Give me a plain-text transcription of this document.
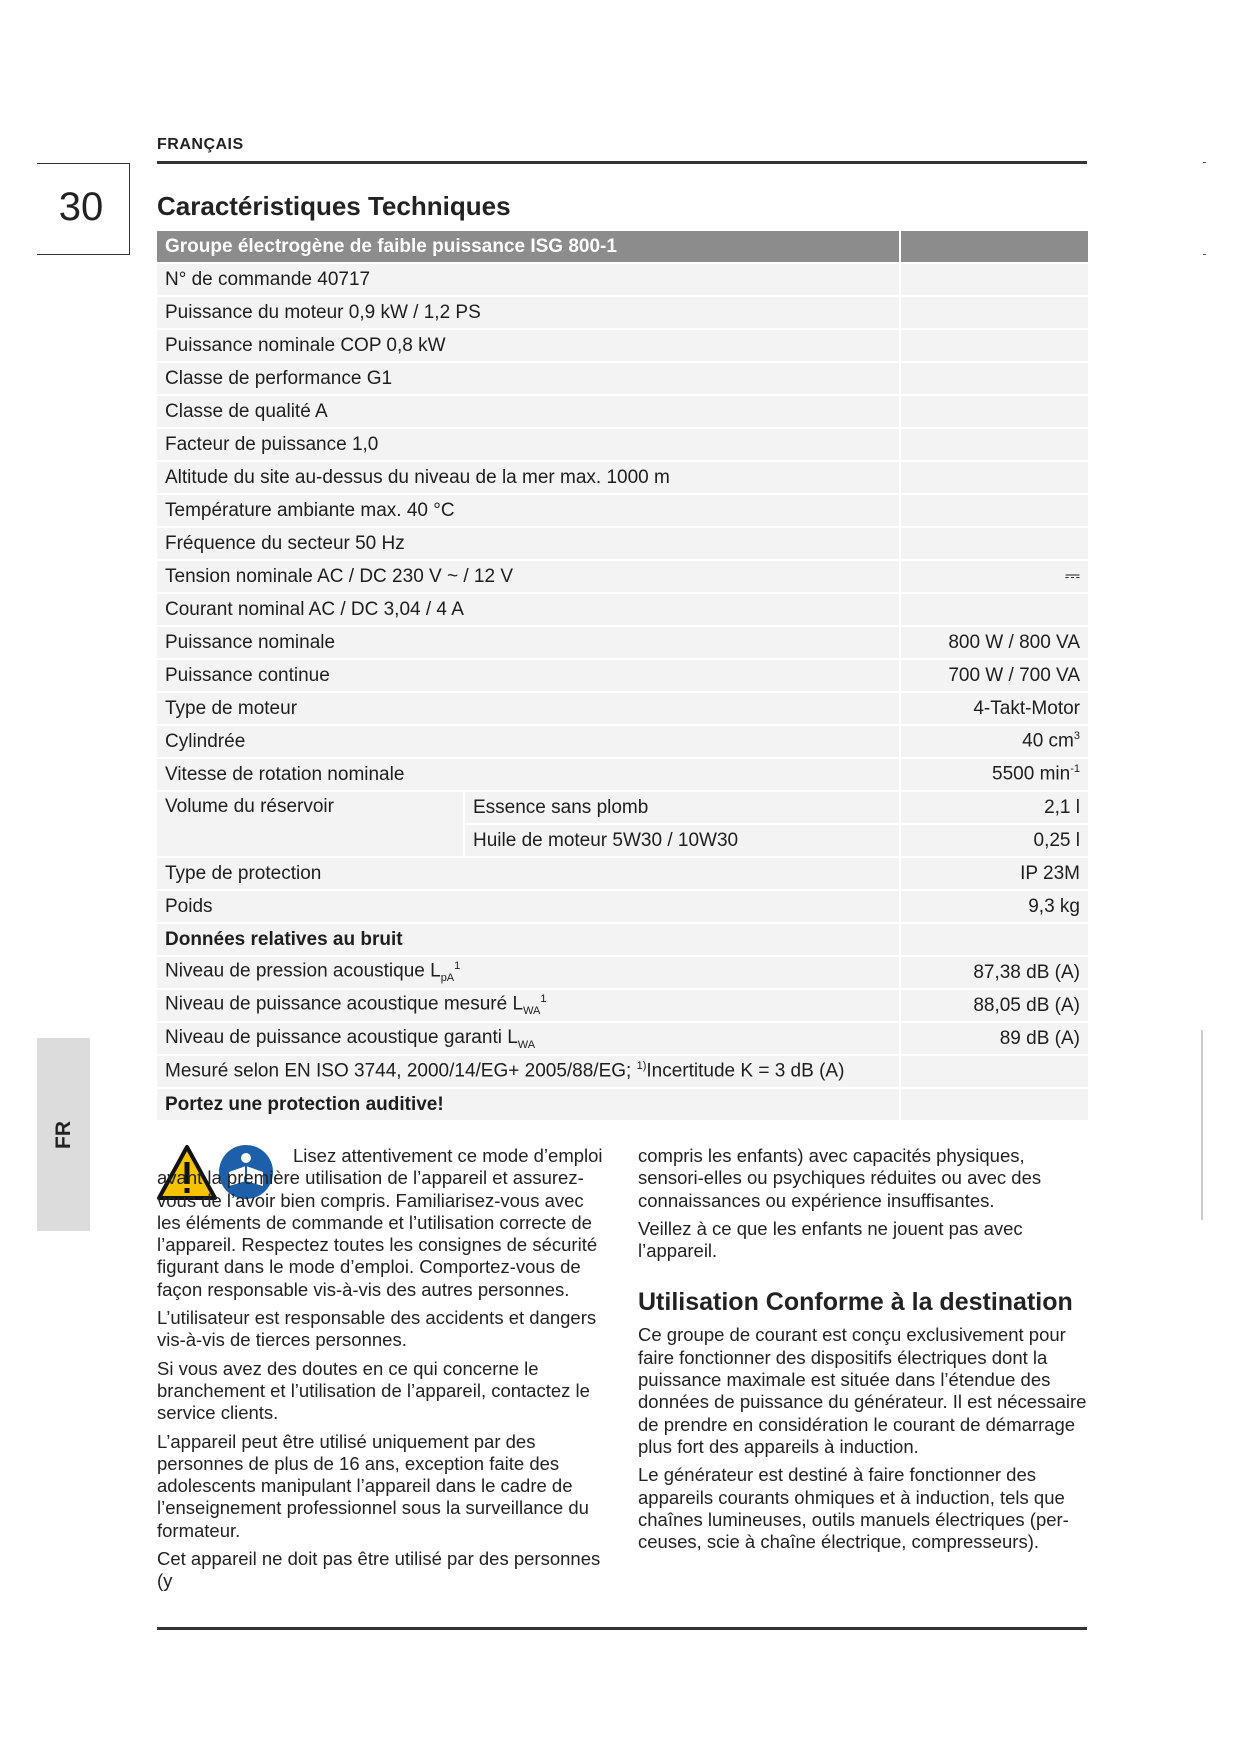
FRANÇAIS
30	Caractéristiques Techniques
FR
Groupe électrogène de faible puissance ISG 800-1		
N° de commande 40717		
Puissance du moteur 0,9 kW / 1,2 PS		
Puissance nominale COP 0,8 kW		
Classe de performance G1		
Classe de qualité A		
Facteur de puissance 1,0		
Altitude du site au-dessus du niveau de la mer max. 1000 m		
Température ambiante max. 40 °C		
Fréquence du secteur 50 Hz		
Tension nominale AC / DC 230 V ~ / 12 V		⎓
Courant nominal AC / DC 3,04 / 4 A		
Puissance nominale		800 W / 800 VA
Puissance continue		700 W / 700 VA
Type de moteur		4-Takt-Motor
Cylindrée		40 $cm^3$
Vitesse de rotation nominale		5500 $\min^{-1}$
Volume du réservoir	Essence sans plomb	2,1 l
	Huile de moteur 5W30 / 10W30	0,25 l
Type de protection		IP 23M
Poids		9,3 kg
Données relatives au bruit		
Niveau de pression acoustique $L_{pA}^1$		87,38 dB (A)
Niveau de puissance acoustique mesuré $L_{WA}^1$		88,05 dB (A)
Niveau de puissance acoustique garanti $L_{WA}$		89 dB (A)
Mesuré selon EN ISO 3744, 2000/14/EG+ 2005/88/EG; $^{1)}$Incertitude K = 3 dB (A)		
Portez une protection auditive!		

Lisez attentivement ce mode d’emploi avant la première utilisation de l’appareil et assurez-vous de l’avoir bien compris. Familiarisez-vous avec les éléments de commande et l’utilisation correcte de l’appareil. Respectez toutes les consignes de sécurité figurant dans le mode d’emploi. Comportez-vous de façon responsable vis-à-vis des autres personnes.

L’utilisateur est responsable des accidents et dangers vis-à-vis de tierces personnes.

Si vous avez des doutes en ce qui concerne le branchement et l’utilisation de l’appareil, contactez le service clients.

L’appareil peut être utilisé uniquement par des personnes de plus de 16 ans, exception faite des adolescents manipulant l’appareil dans le cadre de l’enseignement professionnel sous la surveillance du formateur.

Cet appareil ne doit pas être utilisé par des personnes (y

compris les enfants) avec capacités physiques, sensori-elles ou psychiques réduites ou avec des connaissances ou expérience insuffisantes.

Veillez à ce que les enfants ne jouent pas avec l’appareil.

Utilisation Conforme à la destination

Ce groupe de courant est conçu exclusivement pour faire fonctionner des dispositifs électriques dont la puissance maximale est située dans l’étendue des données de puissance du générateur. Il est nécessaire de prendre en considération le courant de démarrage plus fort des appareils à induction.

Le générateur est destiné à faire fonctionner des appareils courants ohmiques et à induction, tels que chaînes lumineuses, outils manuels électriques (per-ceuses, scie à chaîne électrique, compresseurs).
